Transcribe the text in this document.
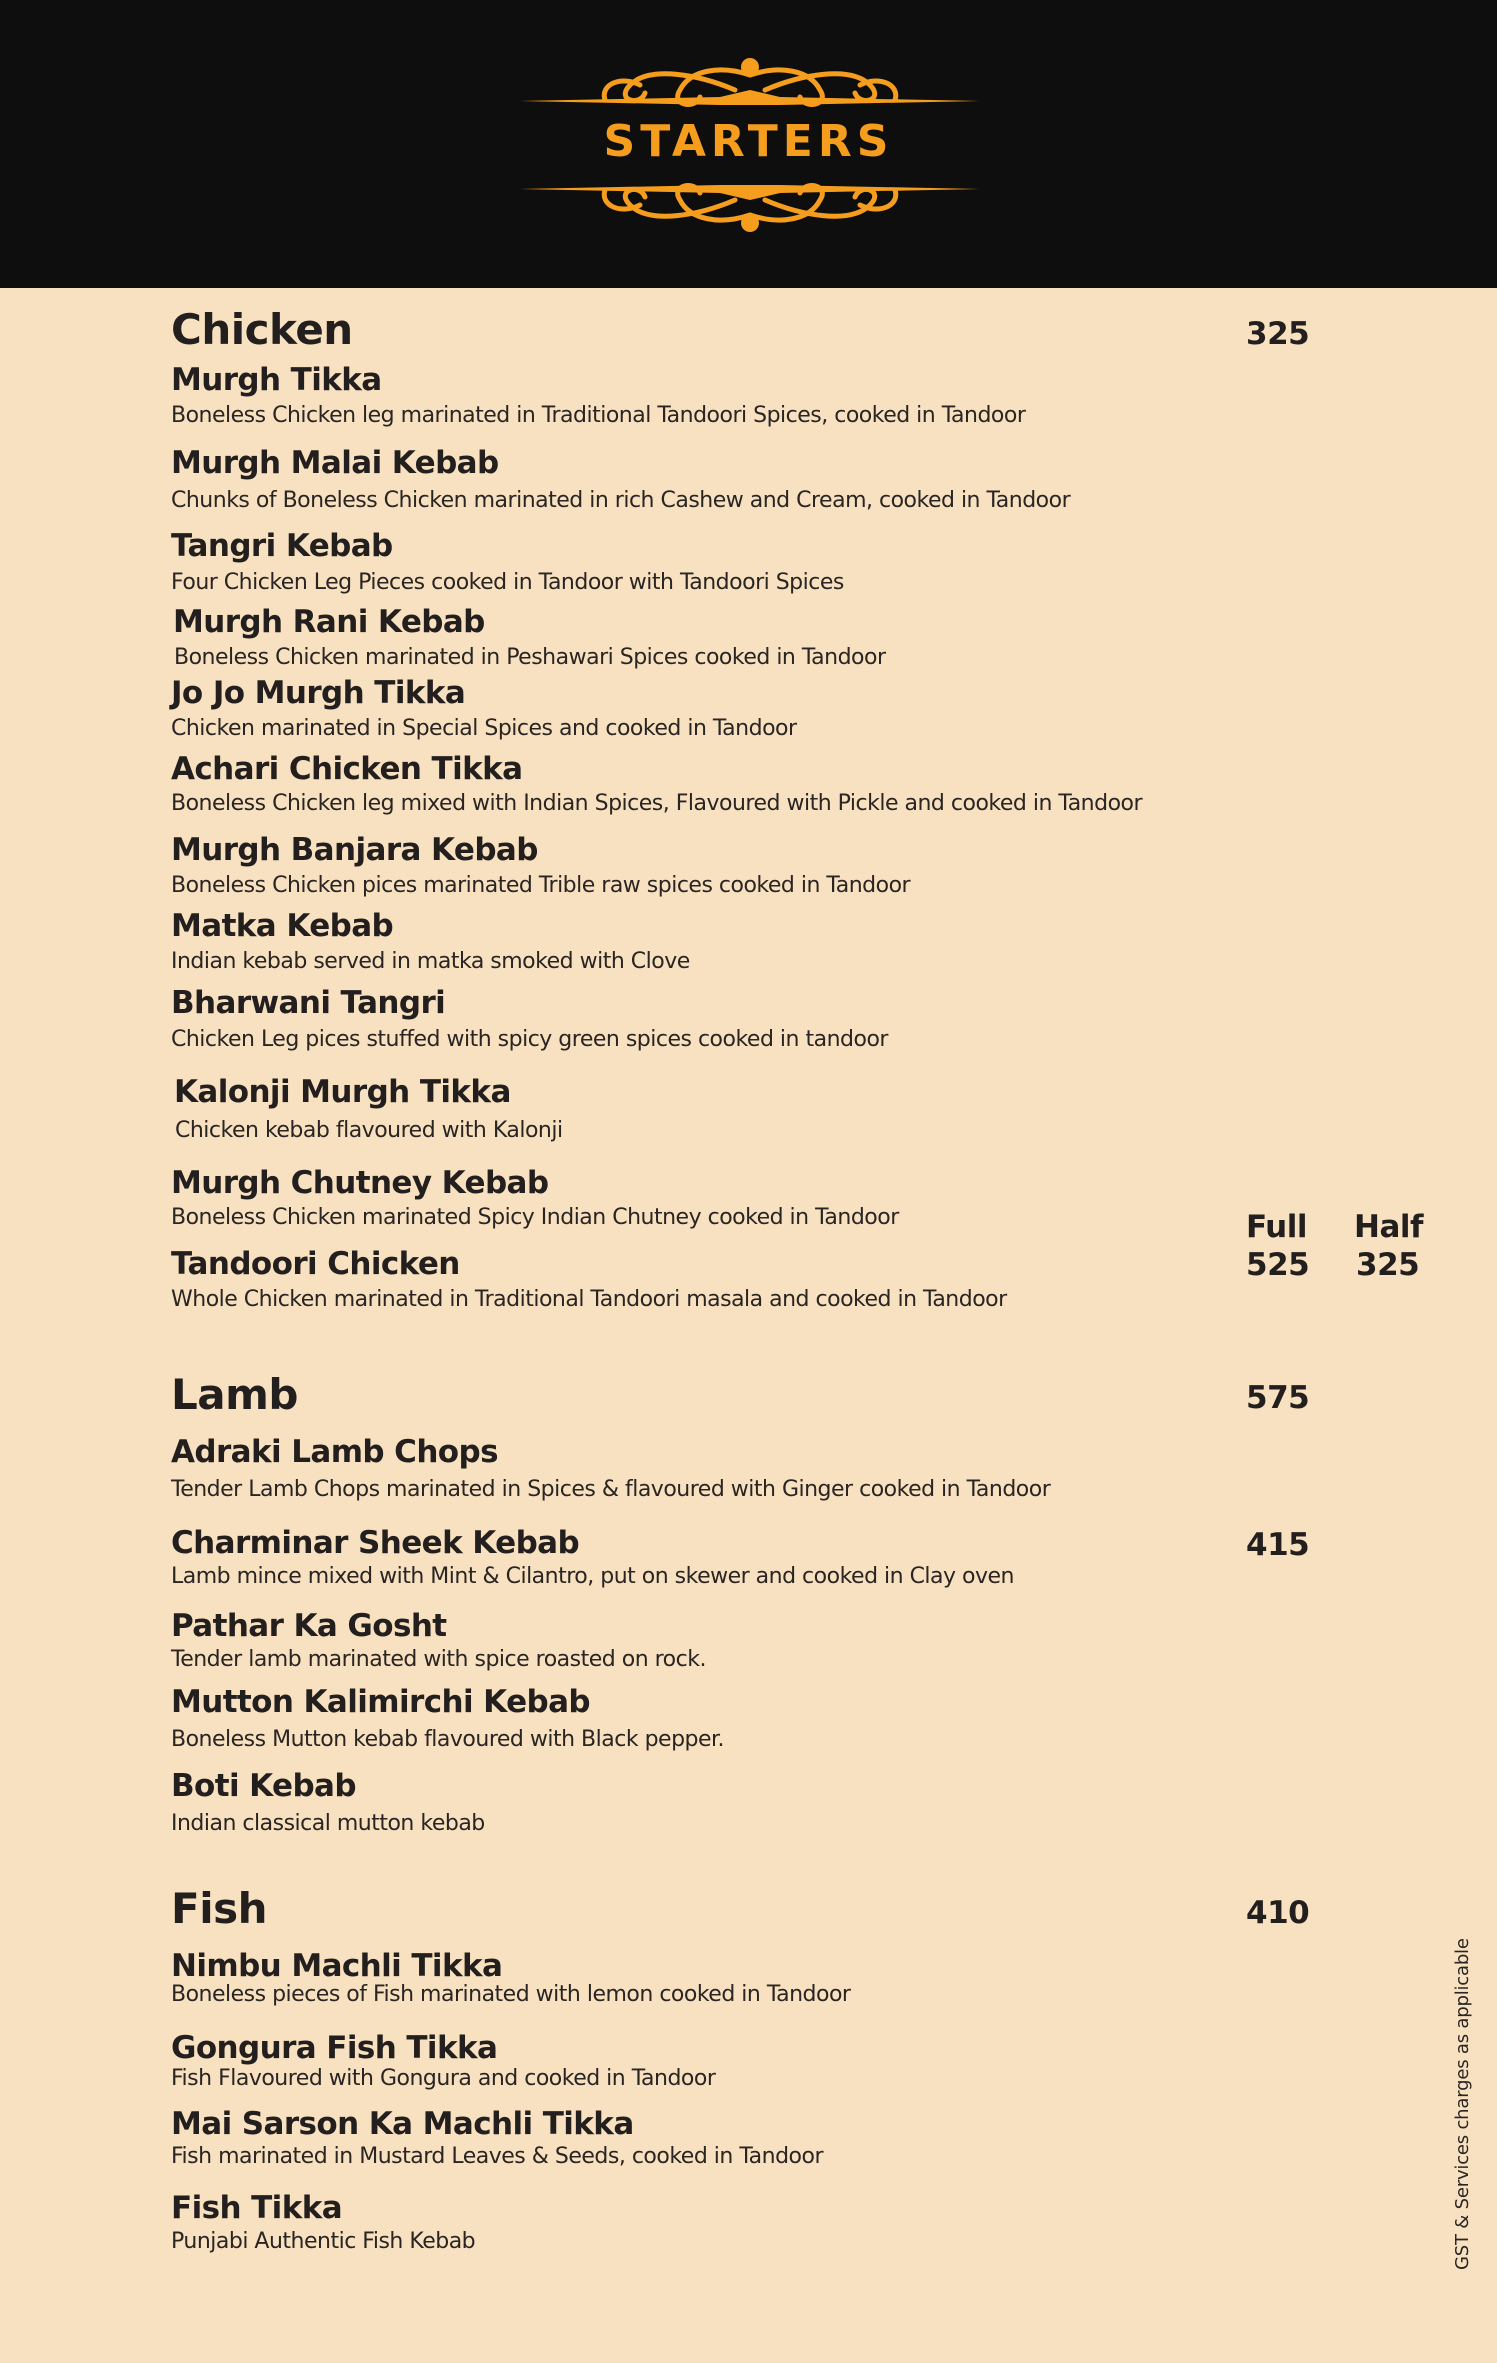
STARTERS
Chicken	325
Murgh Tikka
Boneless Chicken leg marinated in Traditional Tandoori Spices, cooked in Tandoor
Murgh Malai Kebab
Chunks of Boneless Chicken marinated in rich Cashew and Cream, cooked in Tandoor
Tangri Kebab
Four Chicken Leg Pieces cooked in Tandoor with Tandoori Spices
Murgh Rani Kebab
Boneless Chicken marinated in Peshawari Spices cooked in Tandoor
Jo Jo Murgh Tikka
Chicken marinated in Special Spices and cooked in Tandoor
Achari Chicken Tikka
Boneless Chicken leg mixed with Indian Spices, Flavoured with Pickle and cooked in Tandoor
Murgh Banjara Kebab
Boneless Chicken pices marinated Trible raw spices cooked in Tandoor
Matka Kebab
Indian kebab served in matka smoked with Clove
Bharwani Tangri
Chicken Leg pices stuffed with spicy green spices cooked in tandoor
Kalonji Murgh Tikka
Chicken kebab flavoured with Kalonji
Murgh Chutney Kebab
Boneless Chicken marinated Spicy Indian Chutney cooked in Tandoor
Tandoori Chicken
Whole Chicken marinated in Traditional Tandoori masala and cooked in Tandoor
Full Half
525 325
Lamb	575
Adraki Lamb Chops
Tender Lamb Chops marinated in Spices & flavoured with Ginger cooked in Tandoor
Charminar Sheek Kebab
Lamb mince mixed with Mint & Cilantro, put on skewer and cooked in Clay oven
415
Pathar Ka Gosht
Tender lamb marinated with spice roasted on rock.
Mutton Kalimirchi Kebab
Boneless Mutton kebab flavoured with Black pepper.
Boti Kebab
Indian classical mutton kebab
Fish	410
Nimbu Machli Tikka
Boneless pieces of Fish marinated with lemon cooked in Tandoor
Gongura Fish Tikka
Fish Flavoured with Gongura and cooked in Tandoor
Mai Sarson Ka Machli Tikka
Fish marinated in Mustard Leaves & Seeds, cooked in Tandoor
Fish Tikka
Punjabi Authentic Fish Kebab	GST & Services charges as applicable
